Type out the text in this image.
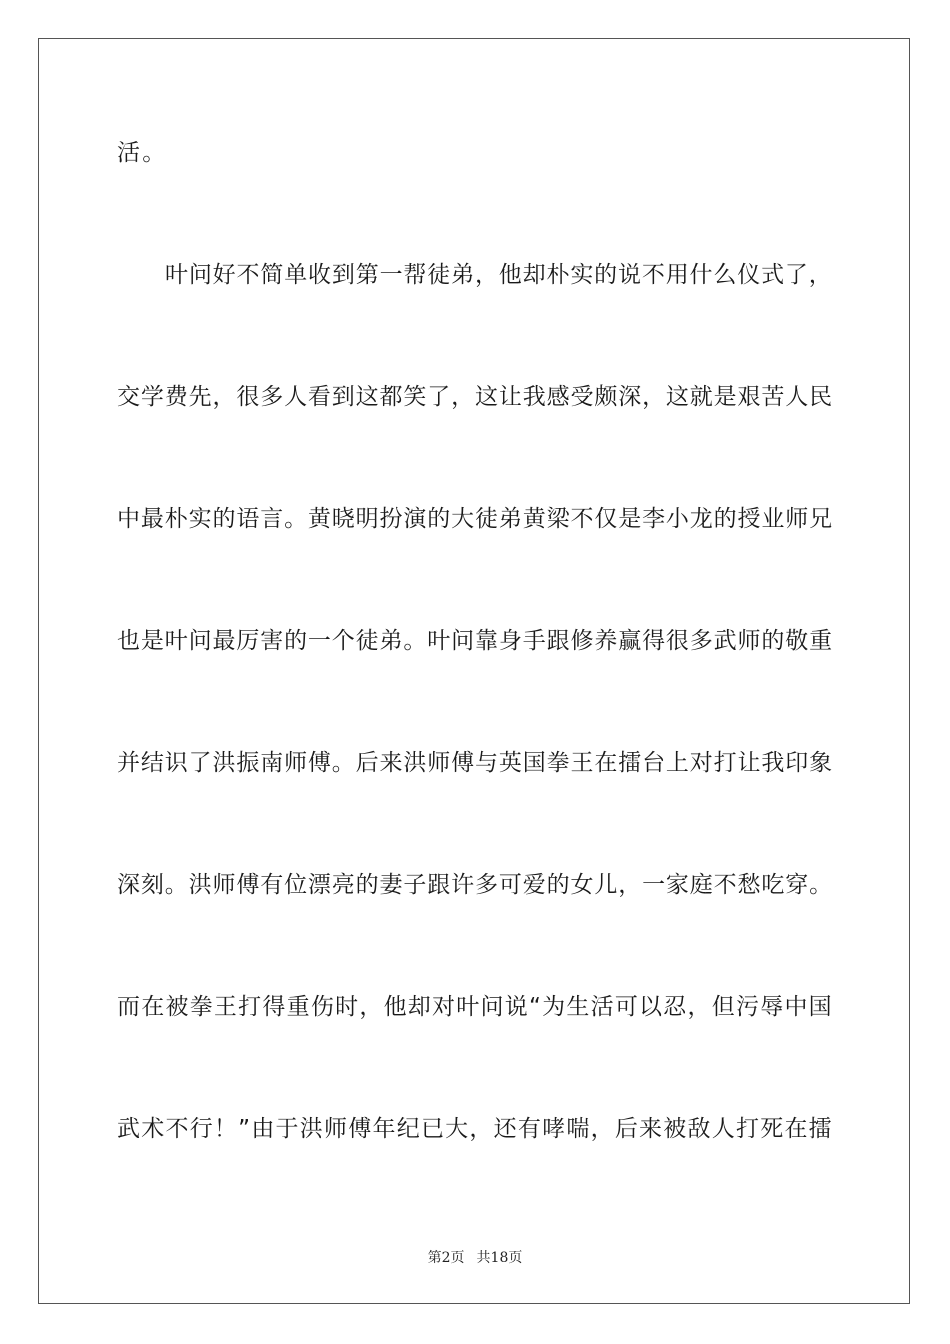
活。
叶问好不简单收到第一帮徒弟，他却朴实的说不用什么仪式了，
交学费先，很多人看到这都笑了，这让我感受颇深，这就是艰苦人民
中最朴实的语言。黄晓明扮演的大徒弟黄梁不仅是李小龙的授业师兄
也是叶问最厉害的一个徒弟。叶问靠身手跟修养赢得很多武师的敬重
并结识了洪振南师傅。后来洪师傅与英国拳王在擂台上对打让我印象
深刻。洪师傅有位漂亮的妻子跟许多可爱的女儿，一家庭不愁吃穿。
而在被拳王打得重伤时，他却对叶问说“为生活可以忍，但污辱中国
武术不行！”由于洪师傅年纪已大，还有哮喘，后来被敌人打死在擂
第2页 共18页
